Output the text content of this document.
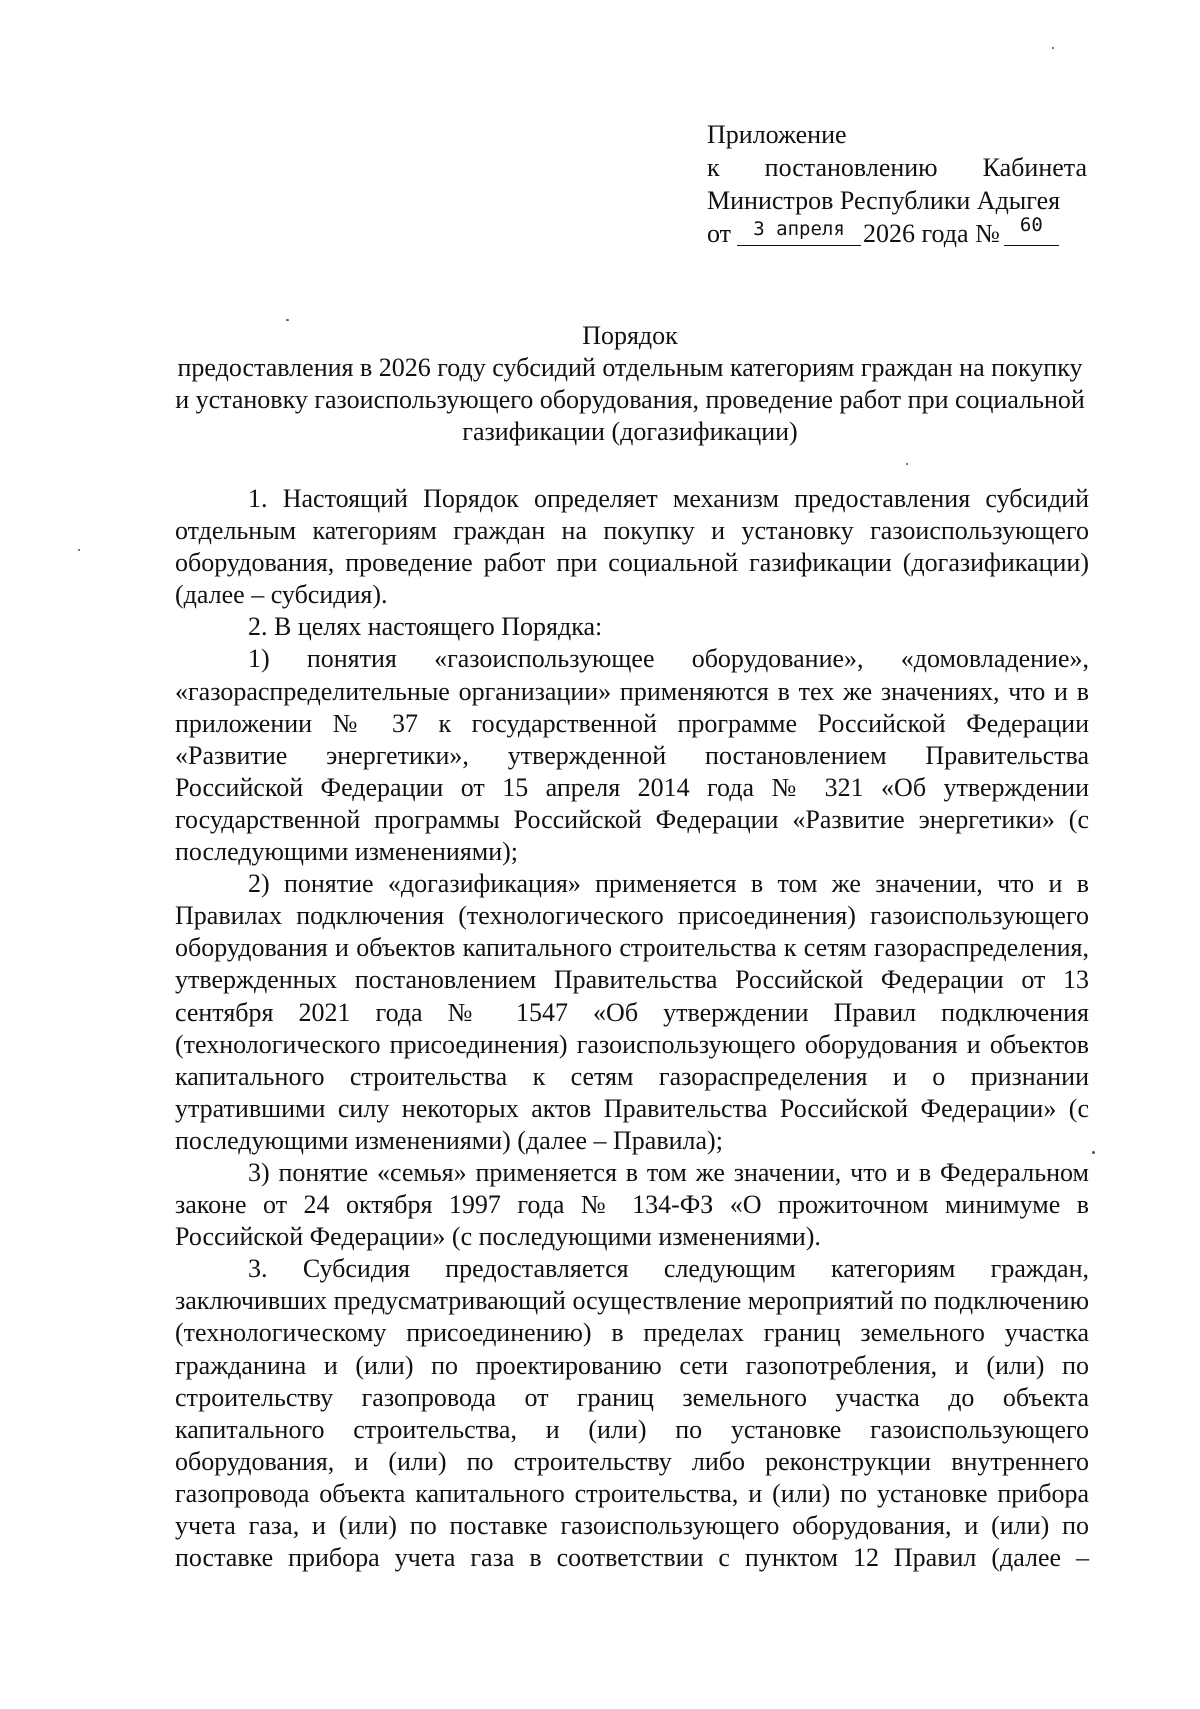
Приложение
к постановлению Кабинета
Министров Республики Адыгея
от	3 апреля 2026 года №	60
Порядок
предоставления в 2026 году субсидий отдельным категориям граждан на покупку и установку газоиспользующего оборудования, проведение работ при социальной газификации (догазификации)

1. Настоящий Порядок определяет механизм предоставления субсидий отдельным категориям граждан на покупку и установку газоиспользующего оборудования, проведение работ при социальной газификации (догазификации) (далее – субсидия).

2. В целях настоящего Порядка:

1) понятия «газоиспользующее оборудование», «домовладение», «газораспределительные организации» применяются в тех же значениях, что и в приложении № 37 к государственной программе Российской Федерации «Развитие энергетики», утвержденной постановлением Правительства Российской Федерации от 15 апреля 2014 года № 321 «Об утверждении государственной программы Российской Федерации «Развитие энергетики» (с последующими изменениями);

2) понятие «догазификация» применяется в том же значении, что и в Правилах подключения (технологического присоединения) газоиспользующего оборудования и объектов капитального строительства к сетям газораспределения, утвержденных постановлением Правительства Российской Федерации от 13 сентября 2021 года № 1547 «Об утверждении Правил подключения (технологического присоединения) газоиспользующего оборудования и объектов капитального строительства к сетям газораспределения и о признании утратившими силу некоторых актов Правительства Российской Федерации» (с последующими изменениями) (далее – Правила);

3) понятие «семья» применяется в том же значении, что и в Федеральном законе от 24 октября 1997 года № 134-ФЗ «О прожиточном минимуме в Российской Федерации» (с последующими изменениями).

3. Субсидия предоставляется следующим категориям граждан, заключивших предусматривающий осуществление мероприятий по подключению (технологическому присоединению) в пределах границ земельного участка гражданина и (или) по проектированию сети газопотребления, и (или) по строительству газопровода от границ земельного участка до объекта капитального строительства, и (или) по установке газоиспользующего оборудования, и (или) по строительству либо реконструкции внутреннего газопровода объекта капитального строительства, и (или) по установке прибора учета газа, и (или) по поставке газоиспользующего оборудования, и (или) по поставке прибора учета газа в соответствии с пунктом 12 Правил (далее –
